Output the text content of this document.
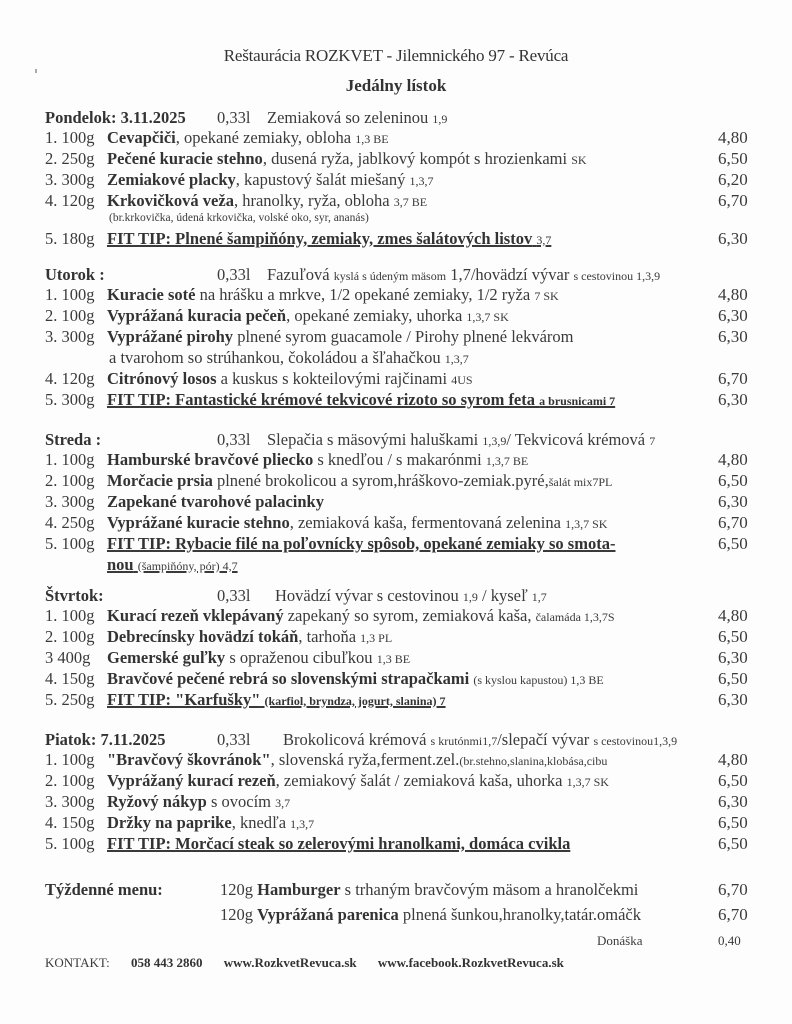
Reštaurácia ROZKVET - Jilemnického 97 - Revúca
Jedálny lístok
Pondelok: 3.11.2025 0,33l Zemiaková so zeleninou 1,9
1. 100g Cevapčiči, opekané zemiaky, obloha 1,3 BE	4,80
2. 250g Pečené kuracie stehno, dusená ryža, jablkový kompót s hrozienkami SK	6,50
3. 300g Zemiakové placky, kapustový šalát miešaný 1,3,7	6,20
4. 120g Krkovičková veža, hranolky, ryža, obloha 3,7 BE	6,70
(br.krkovička, údená krkovička, volské oko, syr, ananás)
5. 180g FIT TIP: Plnené šampiňóny, zemiaky, zmes šalátových listov 3,7	6,30
Utorok :	0,33l Fazuľová kyslá s údeným mäsom 1,7/hovädzí vývar s cestovinou 1,3,9
1. 100g Kuracie soté na hrášku a mrkve, 1/2 opekané zemiaky, 1/2 ryža 7 SK	4,80
2. 100g Vyprážaná kuracia pečeň, opekané zemiaky, uhorka 1,3,7 SK	6,30
3. 300g Vyprážané pirohy plnené syrom guacamole / Pirohy plnené lekvárom	6,30
a tvarohom so strúhankou, čokoládou a šľahačkou 1,3,7
4. 120g Citrónový losos a kuskus s kokteilovými rajčinami 4US	6,70
5. 300g FIT TIP: Fantastické krémové tekvicové rizoto so syrom feta a brusnicami 7	6,30
Streda :	0,33l Slepačia s mäsovými haluškami 1,3,9/ Tekvicová krémová 7
1. 100g Hamburské bravčové pliecko s knedľou / s makarónmi 1,3,7 BE	4,80
2. 100g Morčacie prsia plnené brokolicou a syrom,hráškovo-zemiak.pyré,šalát mix7PL	6,50
3. 300g Zapekané tvarohové palacinky	6,30
4. 250g Vyprážané kuracie stehno, zemiaková kaša, fermentovaná zelenina 1,3,7 SK	6,70
5. 100g FIT TIP: Rybacie filé na poľovnícky spôsob, opekané zemiaky so smota-	6,50
nou (šampiňóny, pór) 4,7
Štvrtok:	0,33l Hovädzí vývar s cestovinou 1,9 / kyseľ 1,7
1. 100g Kurací rezeň vklepávaný zapekaný so syrom, zemiaková kaša, čalamáda 1,3,7S	4,80
2. 100g Debrecínsky hovädzí tokáň, tarhoňa 1,3 PL	6,50
3 400g Gemerské guľky s opraženou cibuľkou 1,3 BE	6,30
4. 150g Bravčové pečené rebrá so slovenskými strapačkami (s kyslou kapustou) 1,3 BE	6,50
5. 250g FIT TIP: "Karfušky" (karfiol, bryndza, jogurt, slanina) 7	6,30
Piatok: 7.11.2025	0,33l Brokolicová krémová s krutónmi1,7/slepačí vývar s cestovinou1,3,9
1. 100g "Bravčový škovránok", slovenská ryža,ferment.zel.(br.stehno,slanina,klobása,cibu	4,80
2. 100g Vyprážaný kurací rezeň, zemiakový šalát / zemiaková kaša, uhorka 1,3,7 SK	6,50
3. 300g Ryžový nákyp s ovocím 3,7	6,30
4. 150g Držky na paprike, knedľa 1,3,7	6,50
5. 100g FIT TIP: Morčací steak so zelerovými hranolkami, domáca cvikla	6,50
Týždenné menu:	120g Hamburger s trhaným bravčovým mäsom a hranolčekmi	6,70
120g Vyprážaná parenica plnená šunkou,hranolky,tatár.omáčk	6,70
Donáška	0,40
KONTAKT: 058 443 2860 www.RozkvetRevuca.sk www.facebook.RozkvetRevuca.sk
